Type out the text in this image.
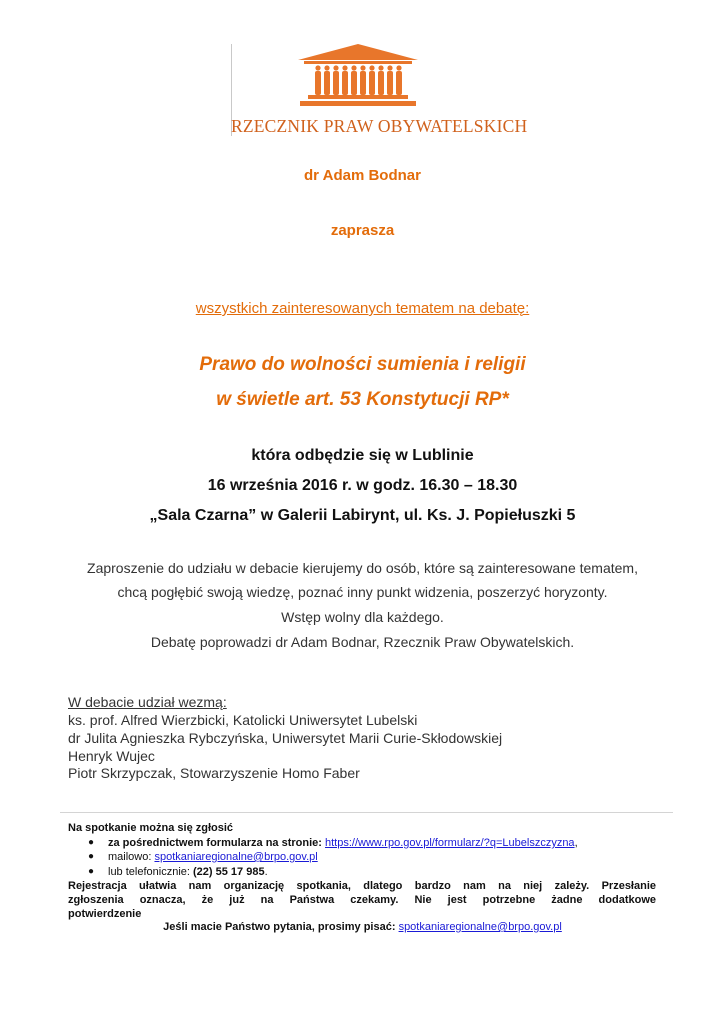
RZECZNIK PRAW OBYWATELSKICH
dr Adam Bodnar
zaprasza
wszystkich zainteresowanych tematem na debatę:
Prawo do wolności sumienia i religii
w świetle art. 53 Konstytucji RP*
która odbędzie się w Lublinie
16 września 2016 r. w godz. 16.30 – 18.30
„Sala Czarna” w Galerii Labirynt, ul. Ks. J. Popiełuszki 5
Zaproszenie do udziału w debacie kierujemy do osób, które są zainteresowane tematem,
chcą pogłębić swoją wiedzę, poznać inny punkt widzenia, poszerzyć horyzonty.
Wstęp wolny dla każdego.
Debatę poprowadzi dr Adam Bodnar, Rzecznik Praw Obywatelskich.
W debacie udział wezmą:
ks. prof. Alfred Wierzbicki, Katolicki Uniwersytet Lubelski
dr Julita Agnieszka Rybczyńska, Uniwersytet Marii Curie-Skłodowskiej
Henryk Wujec
Piotr Skrzypczak, Stowarzyszenie Homo Faber
Na spotkanie można się zgłosić
● za pośrednictwem formularza na stronie: https://www.rpo.gov.pl/formularz/?q=Lubelszczyzna,
● mailowo: spotkaniaregionalne@brpo.gov.pl
● lub telefonicznie: (22) 55 17 985.
Rejestracja ułatwia nam organizację spotkania, dlatego bardzo nam na niej zależy. Przesłanie
zgłoszenia oznacza, że już na Państwa czekamy. Nie jest potrzebne żadne dodatkowe
potwierdzenie
Jeśli macie Państwo pytania, prosimy pisać: spotkaniaregionalne@brpo.gov.pl
